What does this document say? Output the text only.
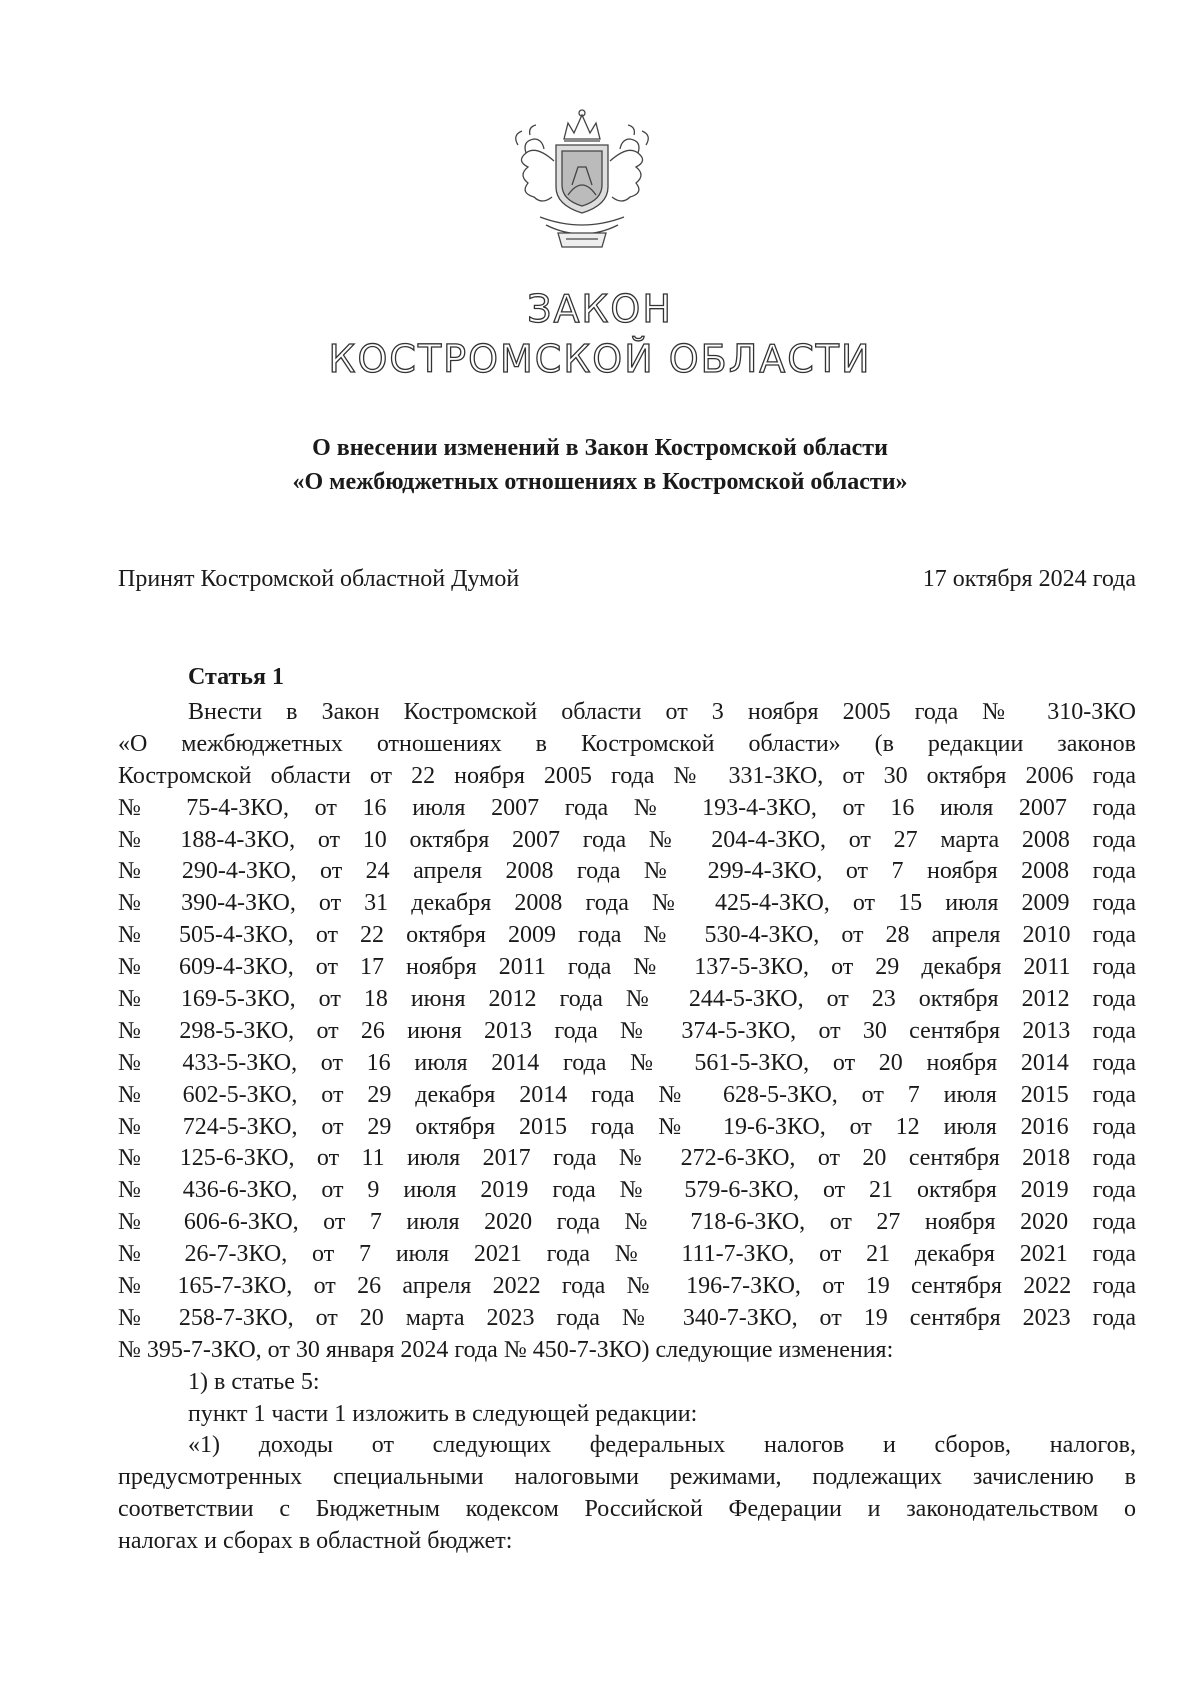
ЗАКОН
КОСТРОМСКОЙ ОБЛАСТИ
О внесении изменений в Закон Костромской области
«О межбюджетных отношениях в Костромской области»
Принят Костромской областной Думой	17 октября 2024 года
Статья 1
Внести в Закон Костромской области от 3 ноября 2005 года № 310-ЗКО
«О межбюджетных отношениях в Костромской области» (в редакции законов
Костромской области от 22 ноября 2005 года № 331-ЗКО, от 30 октября 2006 года
№ 75-4-ЗКО, от 16 июля 2007 года № 193-4-ЗКО, от 16 июля 2007 года
№ 188-4-ЗКО, от 10 октября 2007 года № 204-4-ЗКО, от 27 марта 2008 года
№ 290-4-ЗКО, от 24 апреля 2008 года № 299-4-ЗКО, от 7 ноября 2008 года
№ 390-4-ЗКО, от 31 декабря 2008 года № 425-4-ЗКО, от 15 июля 2009 года
№ 505-4-ЗКО, от 22 октября 2009 года № 530-4-ЗКО, от 28 апреля 2010 года
№ 609-4-ЗКО, от 17 ноября 2011 года № 137-5-ЗКО, от 29 декабря 2011 года
№ 169-5-ЗКО, от 18 июня 2012 года № 244-5-ЗКО, от 23 октября 2012 года
№ 298-5-ЗКО, от 26 июня 2013 года № 374-5-ЗКО, от 30 сентября 2013 года
№ 433-5-ЗКО, от 16 июля 2014 года № 561-5-ЗКО, от 20 ноября 2014 года
№ 602-5-ЗКО, от 29 декабря 2014 года № 628-5-ЗКО, от 7 июля 2015 года
№ 724-5-ЗКО, от 29 октября 2015 года № 19-6-ЗКО, от 12 июля 2016 года
№ 125-6-ЗКО, от 11 июля 2017 года № 272-6-ЗКО, от 20 сентября 2018 года
№ 436-6-ЗКО, от 9 июля 2019 года № 579-6-ЗКО, от 21 октября 2019 года
№ 606-6-ЗКО, от 7 июля 2020 года № 718-6-ЗКО, от 27 ноября 2020 года
№ 26-7-ЗКО, от 7 июля 2021 года № 111-7-ЗКО, от 21 декабря 2021 года
№ 165-7-ЗКО, от 26 апреля 2022 года № 196-7-ЗКО, от 19 сентября 2022 года
№ 258-7-ЗКО, от 20 марта 2023 года № 340-7-ЗКО, от 19 сентября 2023 года
№ 395-7-ЗКО, от 30 января 2024 года № 450-7-ЗКО) следующие изменения:
1) в статье 5:
пункт 1 части 1 изложить в следующей редакции:
«1) доходы от следующих федеральных налогов и сборов, налогов,
предусмотренных специальными налоговыми режимами, подлежащих зачислению в
соответствии с Бюджетным кодексом Российской Федерации и законодательством о
налогах и сборах в областной бюджет:
